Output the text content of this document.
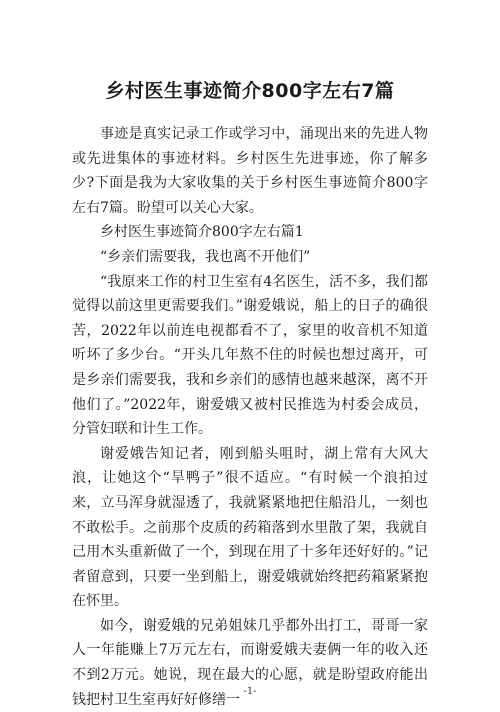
乡村医生事迹简介800字左右7篇

事迹是真实记录工作或学习中，涌现出来的先进人物或先进集体的事迹材料。乡村医生先进事迹，你了解多少?下面是我为大家收集的关于乡村医生事迹简介800字左右7篇。盼望可以关心大家。

乡村医生事迹简介800字左右篇1

“乡亲们需要我，我也离不开他们”

“我原来工作的村卫生室有4名医生，活不多，我们都觉得以前这里更需要我们。”谢爱娥说，船上的日子的确很苦，2022年以前连电视都看不了，家里的收音机不知道听坏了多少台。“开头几年熬不住的时候也想过离开，可是乡亲们需要我，我和乡亲们的感情也越来越深，离不开他们了。”2022年，谢爱娥又被村民推选为村委会成员，分管妇联和计生工作。

谢爱娥告知记者，刚到船头咀时，湖上常有大风大浪，让她这个“旱鸭子”很不适应。“有时候一个浪拍过来，立马浑身就湿透了，我就紧紧地把住船沿儿，一刻也不敢松手。之前那个皮质的药箱落到水里散了架，我就自己用木头重新做了一个，到现在用了十多年还好好的。”记者留意到，只要一坐到船上，谢爱娥就始终把药箱紧紧抱在怀里。

如今，谢爱娥的兄弟姐妹几乎都外出打工，哥哥一家人一年能赚上7万元左右，而谢爱娥夫妻俩一年的收入还不到2万元。她说，现在最大的心愿，就是盼望政府能出钱把村卫生室再好好修缮一

-1-
